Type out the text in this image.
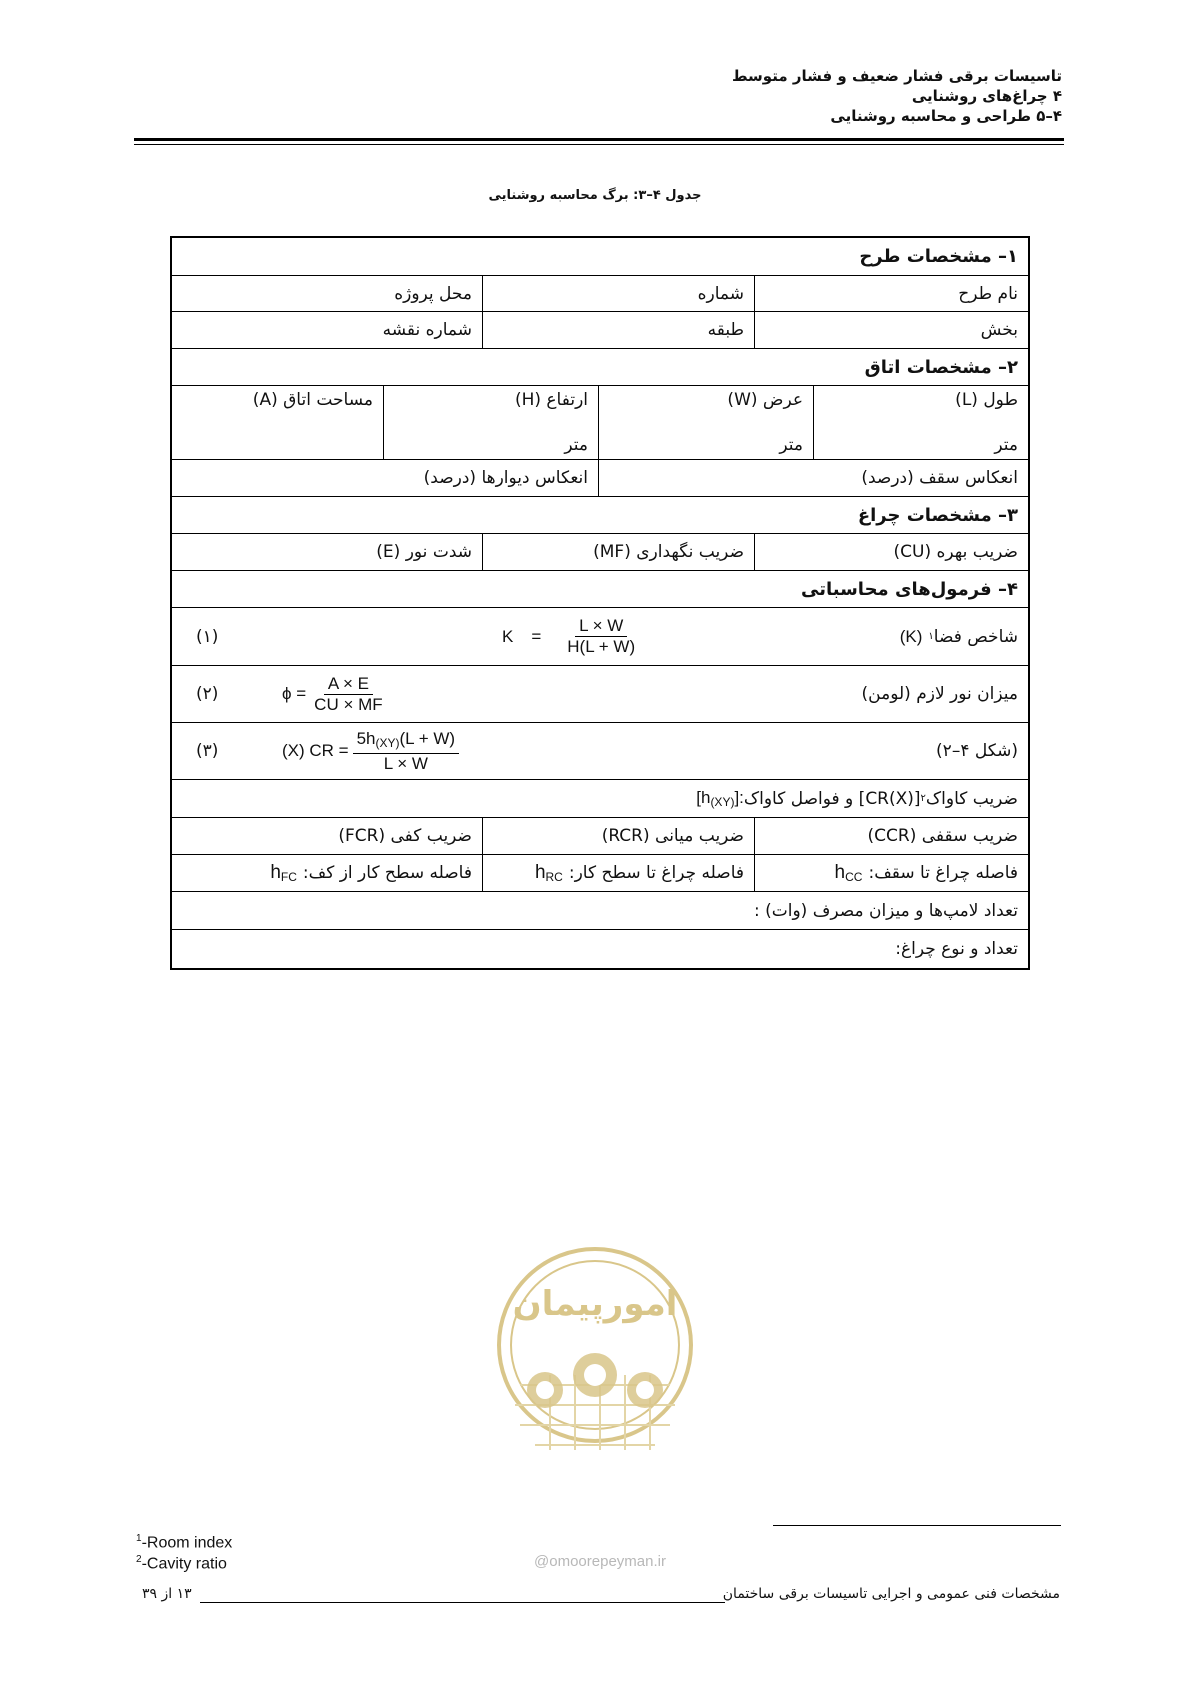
تاسیسات برقی فشار ضعیف و فشار متوسط
۴ چراغ‌های روشنایی
۴–۵ طراحی و محاسبه روشنایی
جدول ۴–۳: برگ محاسبه روشنایی
۱– مشخصات طرح
نام طرح
شماره
محل پروژه
بخش
طبقه
شماره نقشه
۲– مشخصات اتاق
طول (L)
متر
عرض (W)
متر
ارتفاع (H)
متر
مساحت اتاق (A)
انعکاس سقف (درصد)
انعکاس دیوارها (درصد)
۳– مشخصات چراغ
ضریب بهره (CU)
ضریب نگهداری (MF)
شدت نور (E)
۴– فرمول‌های محاسباتی
شاخص فضا
۱
(K)
$K = \frac{L \times W}{H(L + W)}$
(۱)
میزان نور لازم (لومن)
$\phi = \frac{A \times E}{CU \times MF}$
(۲)
(شکل ۴–۲)
(X) CR = $\frac{5h_{(XY)}(L + W)}{L \times W}$
(۳)
ضریب کاواک
۲
[CR(X)] و فواصل کاواک
$[h_{(XY)}]$:
ضریب سقفی (CCR)
ضریب میانی (RCR)
ضریب کفی (FCR)
فاصله چراغ تا سقف:
$h_{CC}$
فاصله چراغ تا سطح کار:
$h_{RC}$
فاصله سطح کار از کف:
$h_{FC}$
تعداد لامپ‌ها و میزان مصرف (وات) :
تعداد و نوع چراغ:
امورپیمان
@omoorepeyman.ir
$^1$-Room index
$^2$-Cavity ratio
مشخصات فنی عمومی و اجرایی تاسیسات برقی ساختمان
۱۳ از ۳۹
